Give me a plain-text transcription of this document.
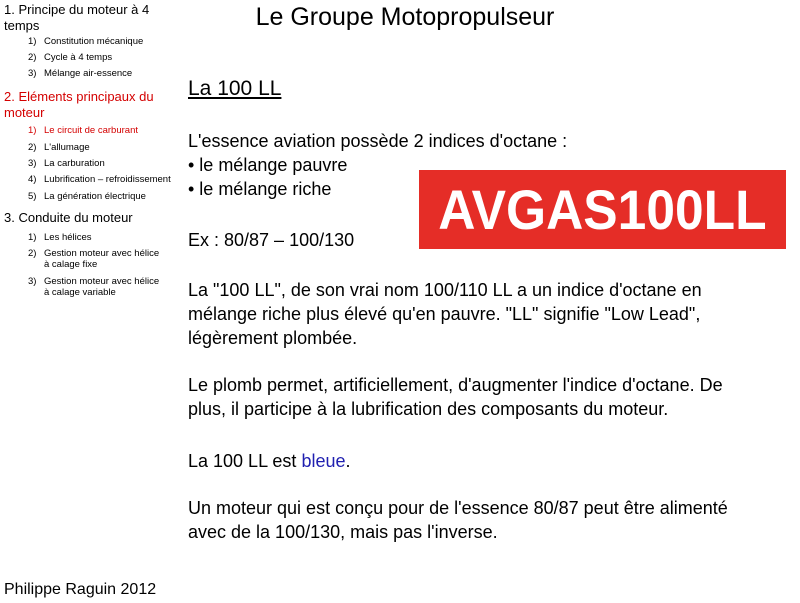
1. Principe du moteur à 4 temps
1) Constitution mécanique
2) Cycle à 4 temps
3) Mélange air-essence
2. Eléments principaux du moteur
1) Le circuit de carburant
2) L'allumage
3) La carburation
4) Lubrification – refroidissement
5) La génération électrique
3. Conduite du moteur
1) Les hélices
2) Gestion moteur avec hélice à calage fixe
3) Gestion moteur avec hélice à calage variable
Philippe Raguin 2012
Le Groupe Motopropulseur
La 100 LL
L'essence aviation possède 2 indices d'octane :
• le mélange pauvre
• le mélange riche AVGAS100LL
Ex : 80/87 – 100/130
La "100 LL", de son vrai nom 100/110 LL a un indice d'octane en
mélange riche plus élevé qu'en pauvre. "LL" signifie "Low Lead",
légèrement plombée.
Le plomb permet, artificiellement, d'augmenter l'indice d'octane. De
plus, il participe à la lubrification des composants du moteur.
La 100 LL est bleue.
Un moteur qui est conçu pour de l'essence 80/87 peut être alimenté
avec de la 100/130, mais pas l'inverse.
